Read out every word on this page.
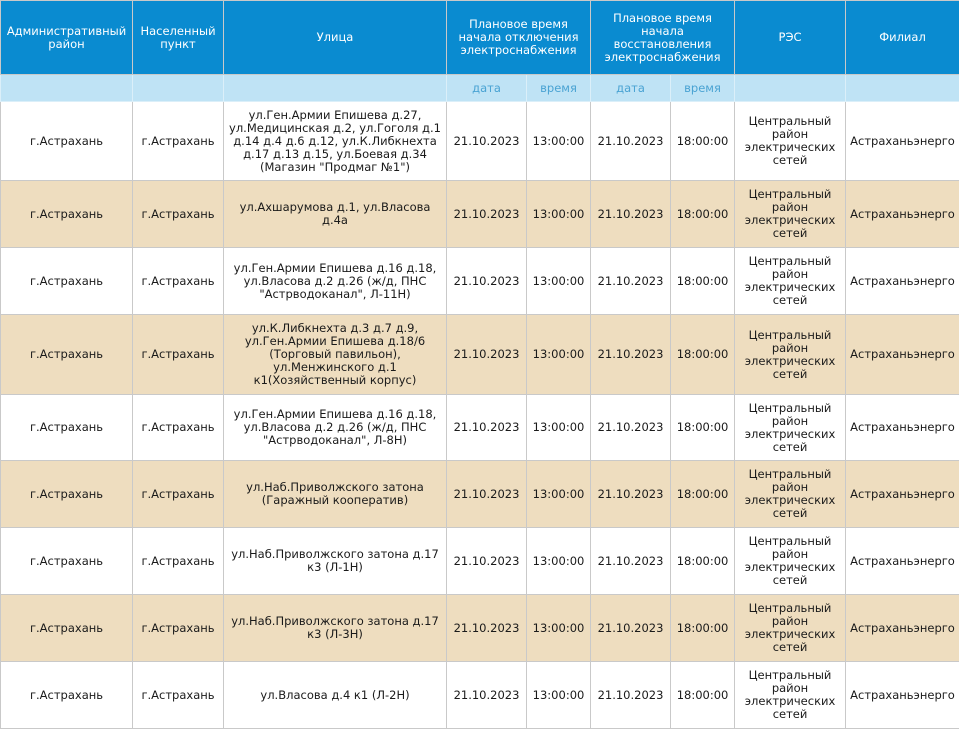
Административный район	Населенный пункт	Улица	Плановое время начала отключения электроснабжения		Плановое время начала восстановления электроснабжения		РЭС	Филиал
			дата	время	дата	время		
г.Астрахань	г.Астрахань	ул.Ген.Армии Епишева д.27, ул.Медицинская д.2, ул.Гоголя д.1 д.14 д.4 д.6 д.12, ул.К.Либкнехта д.17 д.13 д.15, ул.Боевая д.34 (Магазин "Продмаг №1")	21.10.2023	13:00:00	21.10.2023	18:00:00	Центральный район электрических сетей	Астраханьэнерго
г.Астрахань	г.Астрахань	ул.Ахшарумова д.1, ул.Власова д.4а	21.10.2023	13:00:00	21.10.2023	18:00:00	Центральный район электрических сетей	Астраханьэнерго
г.Астрахань	г.Астрахань	ул.Ген.Армии Епишева д.16 д.18, ул.Власова д.2 д.26 (ж/д, ПНС "Астрводоканал", Л-11Н)	21.10.2023	13:00:00	21.10.2023	18:00:00	Центральный район электрических сетей	Астраханьэнерго
г.Астрахань	г.Астрахань	ул.К.Либкнехта д.3 д.7 д.9, ул.Ген.Армии Епишева д.18/6 (Торговый павильон), ул.Менжинского д.1 к1(Хозяйственный корпус)	21.10.2023	13:00:00	21.10.2023	18:00:00	Центральный район электрических сетей	Астраханьэнерго
г.Астрахань	г.Астрахань	ул.Ген.Армии Епишева д.16 д.18, ул.Власова д.2 д.26 (ж/д, ПНС "Астрводоканал", Л-8Н)	21.10.2023	13:00:00	21.10.2023	18:00:00	Центральный район электрических сетей	Астраханьэнерго
г.Астрахань	г.Астрахань	ул.Наб.Приволжского затона (Гаражный кооператив)	21.10.2023	13:00:00	21.10.2023	18:00:00	Центральный район электрических сетей	Астраханьэнерго
г.Астрахань	г.Астрахань	ул.Наб.Приволжского затона д.17 к3 (Л-1Н)	21.10.2023	13:00:00	21.10.2023	18:00:00	Центральный район электрических сетей	Астраханьэнерго
г.Астрахань	г.Астрахань	ул.Наб.Приволжского затона д.17 к3 (Л-3Н)	21.10.2023	13:00:00	21.10.2023	18:00:00	Центральный район электрических сетей	Астраханьэнерго
г.Астрахань	г.Астрахань	ул.Власова д.4 к1 (Л-2Н)	21.10.2023	13:00:00	21.10.2023	18:00:00	Центральный район электрических сетей	Астраханьэнерго
